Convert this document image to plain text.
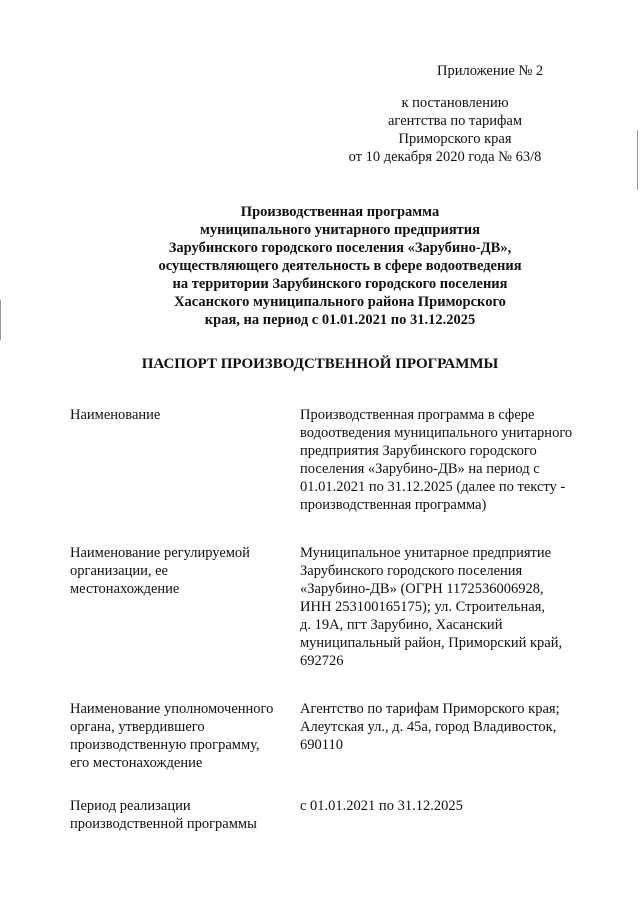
Приложение № 2
к постановлению
агентства по тарифам
Приморского края
от 10 декабря 2020 года № 63/8
Производственная программа
муниципального унитарного предприятия
Зарубинского городского поселения «Зарубино-ДВ»,
осуществляющего деятельность в сфере водоотведения
на территории Зарубинского городского поселения
Хасанского муниципального района Приморского
края, на период с 01.01.2021 по 31.12.2025
ПАСПОРТ ПРОИЗВОДСТВЕННОЙ ПРОГРАММЫ
Наименование	Производственная программа в сфере
водоотведения муниципального унитарного
предприятия Зарубинского городского
поселения «Зарубино-ДВ» на период с
01.01.2021 по 31.12.2025 (далее по тексту -
производственная программа)
Наименование регулируемой
организации, ее
местонахождение
Муниципальное унитарное предприятие
Зарубинского городского поселения
«Зарубино-ДВ» (ОГРН 1172536006928,
ИНН 253100165175); ул. Строительная,
д. 19А, пгт Зарубино, Хасанский
муниципальный район, Приморский край,
692726
Наименование уполномоченного
органа, утвердившего
производственную программу,
его местонахождение
Агентство по тарифам Приморского края;
Алеутская ул., д. 45а, город Владивосток,
690110
Период реализации
производственной программы
с 01.01.2021 по 31.12.2025
